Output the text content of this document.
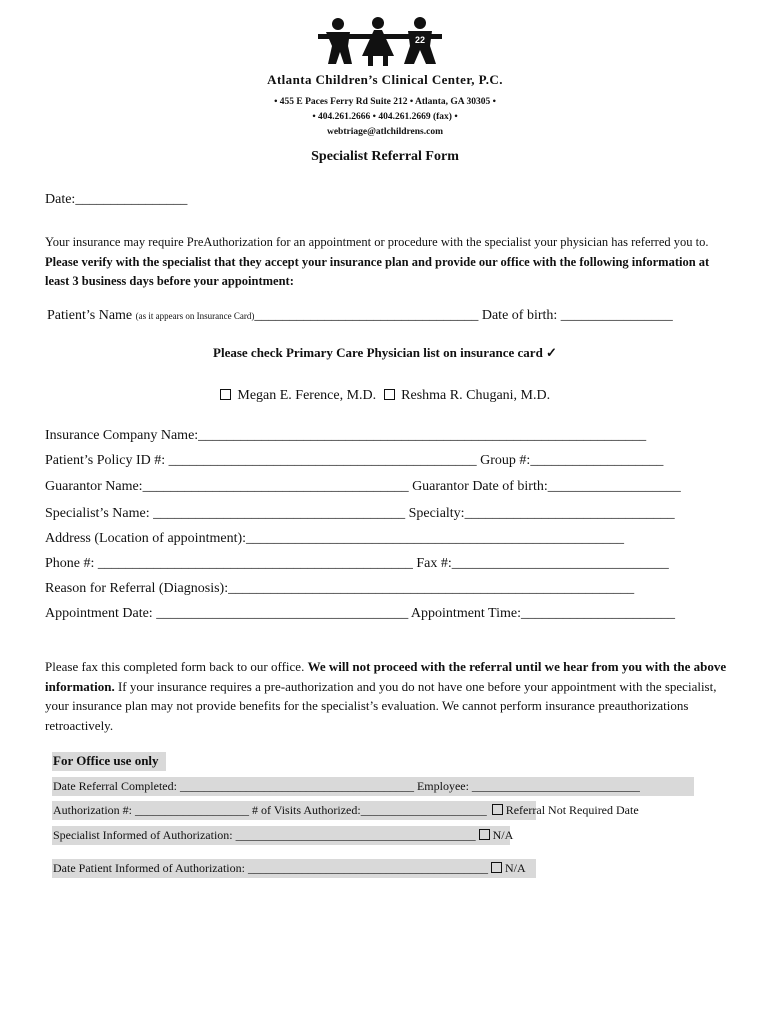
22
Atlanta Children’s Clinical Center, P.C.
• 455 E Paces Ferry Rd Suite 212 • Atlanta, GA 30305 •
• 404.261.2666 • 404.261.2669 (fax) •
webtriage@atlchildrens.com
Specialist Referral Form
Date:________________
Your insurance may require PreAuthorization for an appointment or procedure with the specialist your physician has referred you to.
Please verify with the specialist that they accept your insurance plan and provide our office with the following information at least 3 business days before your appointment:
Patient’s Name (as it appears on Insurance Card)________________________________ Date of birth: ________________
Please check Primary Care Physician list on insurance card ✓
Megan E. Ference, M.D. Reshma R. Chugani, M.D.
Insurance Company Name:________________________________________________________________
Patient’s Policy ID #: ____________________________________________ Group #:___________________
Guarantor Name:______________________________________ Guarantor Date of birth:___________________
Specialist’s Name: ____________________________________ Specialty:______________________________
Address (Location of appointment):______________________________________________________
Phone #: _____________________________________________ Fax #:_______________________________
Reason for Referral (Diagnosis):__________________________________________________________
Appointment Date: ____________________________________ Appointment Time:______________________
Please fax this completed form back to our office. We will not proceed with the referral until we hear from you with the above information. If your insurance requires a pre-authorization and you do not have one before your appointment with the specialist, your insurance plan may not provide benefits for the specialist’s evaluation. We cannot perform insurance preauthorizations retroactively.
For Office use only
Date Referral Completed: _______________________________________ Employee: ____________________________
Authorization #: ___________________ # of Visits Authorized:_____________________ Referral Not Required Date
Specialist Informed of Authorization: ________________________________________ N/A
Date Patient Informed of Authorization: ________________________________________ N/A
